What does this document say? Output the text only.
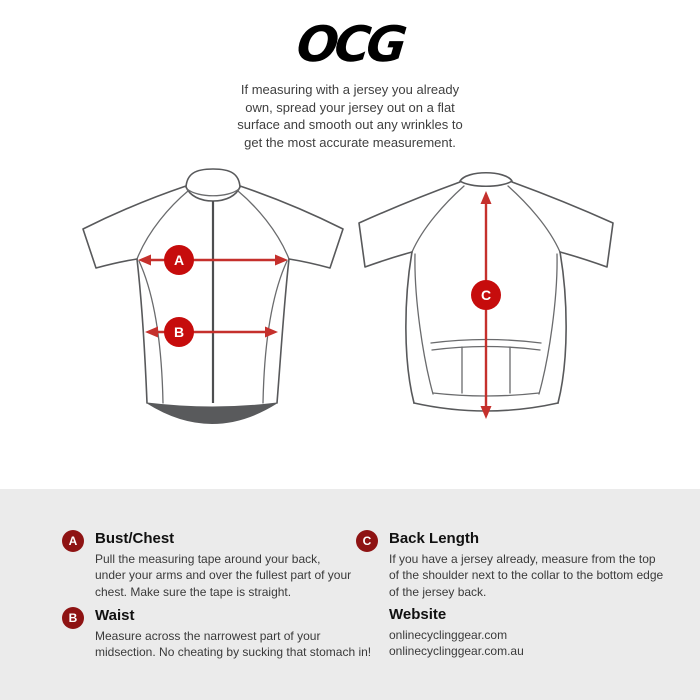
OCG
If measuring with a jersey you already
own, spread your jersey out on a flat
surface and smooth out any wrinkles to
get the most accurate measurement.
A
B
C
A	Bust/Chest
Pull the measuring tape around your back,
under your arms and over the fullest part of your
chest. Make sure the tape is straight.
B	Waist
Measure across the narrowest part of your
midsection. No cheating by sucking that stomach in!
C	Back Length
If you have a jersey already, measure from the top
of the shoulder next to the collar to the bottom edge
of the jersey back.
Website
onlinecyclinggear.com
onlinecyclinggear.com.au
